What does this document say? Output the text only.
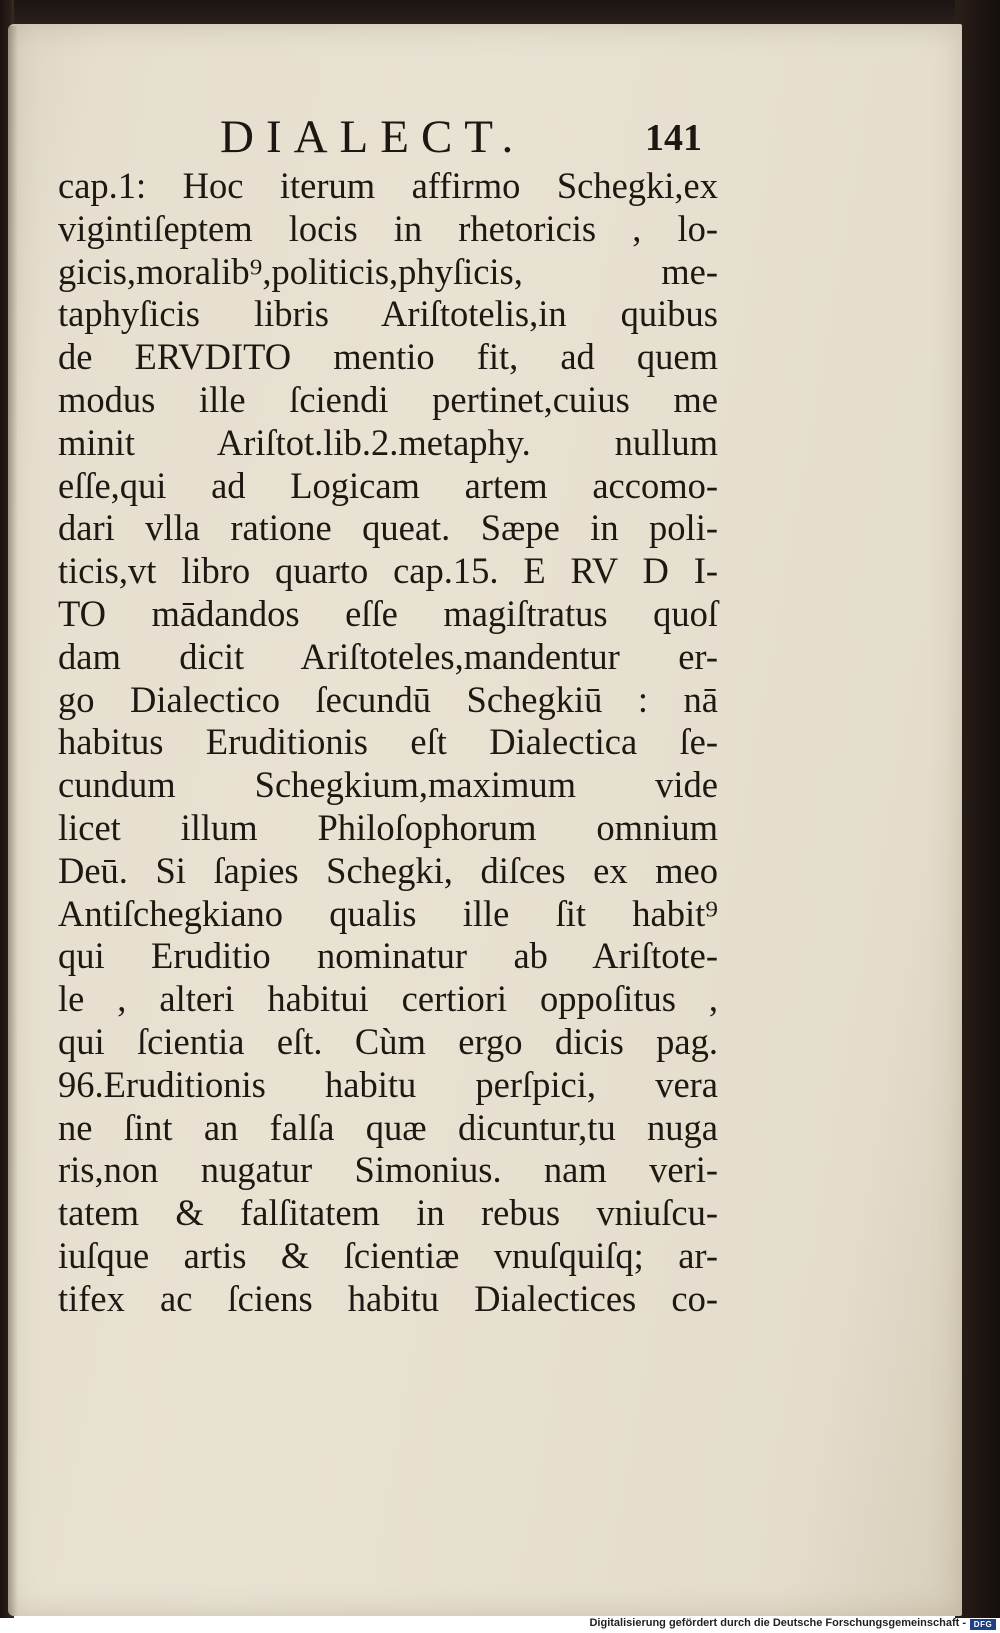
DIALECT.	141
cap.1: Hoc iterum affirmo Schegki,ex
vigintiſeptem locis in rhetoricis , lo-
gicis,moralib⁹,politicis,phyſicis, me-
taphyſicis libris Ariſtotelis,in quibus
de ERVDITO mentio fit, ad quem
modus ille ſciendi pertinet,cuius me
minit Ariſtot.lib.2.metaphy. nullum
eſſe,qui ad Logicam artem accomo-
dari vlla ratione queat. Sæpe in poli-
ticis,vt libro quarto cap.15. E RV D I-
TO mādandos eſſe magiſtratus quoſ
dam dicit Ariſtoteles,mandentur er-
go Dialectico ſecundū Schegkiū : nā
habitus Eruditionis eſt Dialectica ſe-
cundum Schegkium,maximum vide
licet illum Philoſophorum omnium
Deū. Si ſapies Schegki, diſces ex meo
Antiſchegkiano qualis ille ſit habit⁹
qui Eruditio nominatur ab Ariſtote-
le , alteri habitui certiori oppoſitus ,
qui ſcientia eſt. Cùm ergo dicis pag.
96.Eruditionis habitu perſpici, vera
ne ſint an falſa quæ dicuntur,tu nuga
ris,non nugatur Simonius. nam veri-
tatem & falſitatem in rebus vniuſcu-
iuſque artis & ſcientiæ vnuſquiſq; ar-
tifex ac ſciens habitu Dialectices co-
Digitalisierung gefördert durch die Deutsche Forschungsgemeinschaft - DFG
